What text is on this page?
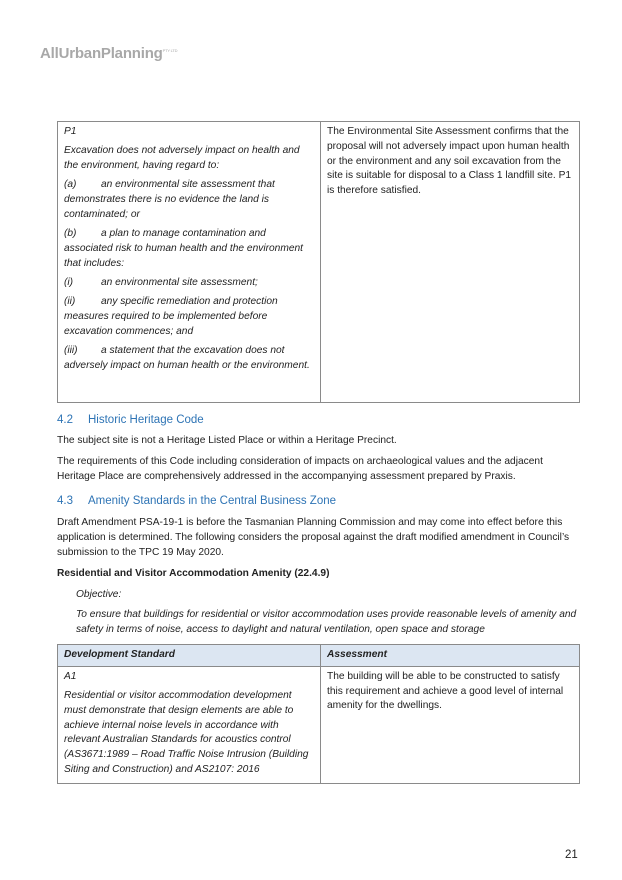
AllUrbanPlanning$^{PTY LTD}$

P1

Excavation does not adversely impact on health and the environment, having regard to:

(a) an environmental site assessment that demonstrates there is no evidence the land is contaminated; or
(b) a plan to manage contamination and associated risk to human health and the environment that includes:
(i)	an environmental site assessment;
(ii)	any specific remediation and protection measures required to be implemented before excavation commences; and
(iii) a statement that the excavation does not adversely impact on human health or the environment.
	The Environmental Site Assessment confirms that the proposal will not adversely impact upon human health or the environment and any soil excavation from the site is suitable for disposal to a Class 1 landfill site. P1 is therefore satisfied.
4.2 Historic Heritage Code

The subject site is not a Heritage Listed Place or within a Heritage Precinct.

The requirements of this Code including consideration of impacts on archaeological values and the adjacent Heritage Place are comprehensively addressed in the accompanying assessment prepared by Praxis.

4.3 Amenity Standards in the Central Business Zone

Draft Amendment PSA-19-1 is before the Tasmanian Planning Commission and may come into effect before this application is determined. The following considers the proposal against the draft modified amendment in Council’s submission to the TPC 19 May 2020.

Residential and Visitor Accommodation Amenity (22.4.9)

Objective:

To ensure that buildings for residential or visitor accommodation uses provide reasonable levels of amenity and safety in terms of noise, access to daylight and natural ventilation, open space and storage

Development Standard	Assessment

A1

Residential or visitor accommodation development must demonstrate that design elements are able to achieve internal noise levels in accordance with relevant Australian Standards for acoustics control (AS3671:1989 – Road Traffic Noise Intrusion (Building Siting and Construction) and AS2107: 2016	The building will be able to be constructed to satisfy this requirement and achieve a good level of internal amenity for the dwellings.
21
